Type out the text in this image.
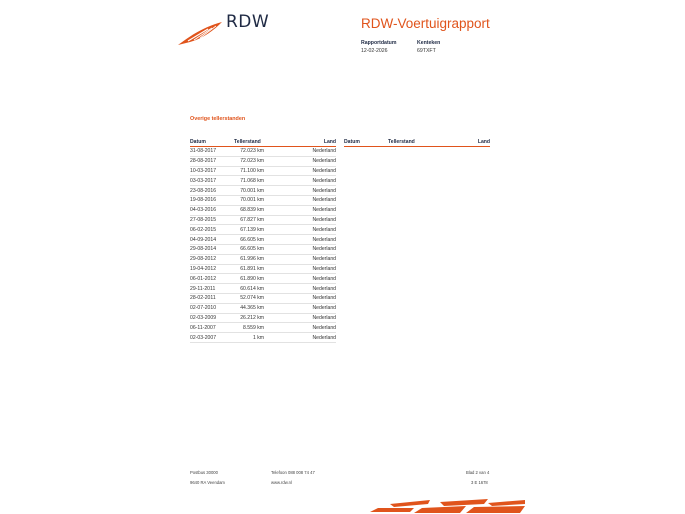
RDW	RDW-Voertuigrapport
Rapportdatum
12-02-2026
Kenteken
69TXFT
Overige tellerstanden
Datum	Tellerstand	Land
31-08-2017	72.023 km	Nederland
28-08-2017	72.023 km	Nederland
10-03-2017	71.100 km	Nederland
03-03-2017	71.068 km	Nederland
23-08-2016	70.001 km	Nederland
19-08-2016	70.001 km	Nederland
04-03-2016	68.839 km	Nederland
27-08-2015	67.827 km	Nederland
06-02-2015	67.139 km	Nederland
04-09-2014	66.605 km	Nederland
29-08-2014	66.605 km	Nederland
29-08-2012	61.996 km	Nederland
19-04-2012	61.891 km	Nederland
06-01-2012	61.890 km	Nederland
29-11-2011	60.614 km	Nederland
28-02-2011	52.074 km	Nederland
02-07-2010	44.365 km	Nederland
02-03-2009	26.212 km	Nederland
06-11-2007	8.559 km	Nederland
02-03-2007	1 km	Nederland
Datum	Tellerstand	Land
Postbus 30000
9640 RA Veendam
Telefoon 088 008 74 47
www.rdw.nl
Blad 2 van 4
3 E 1678
